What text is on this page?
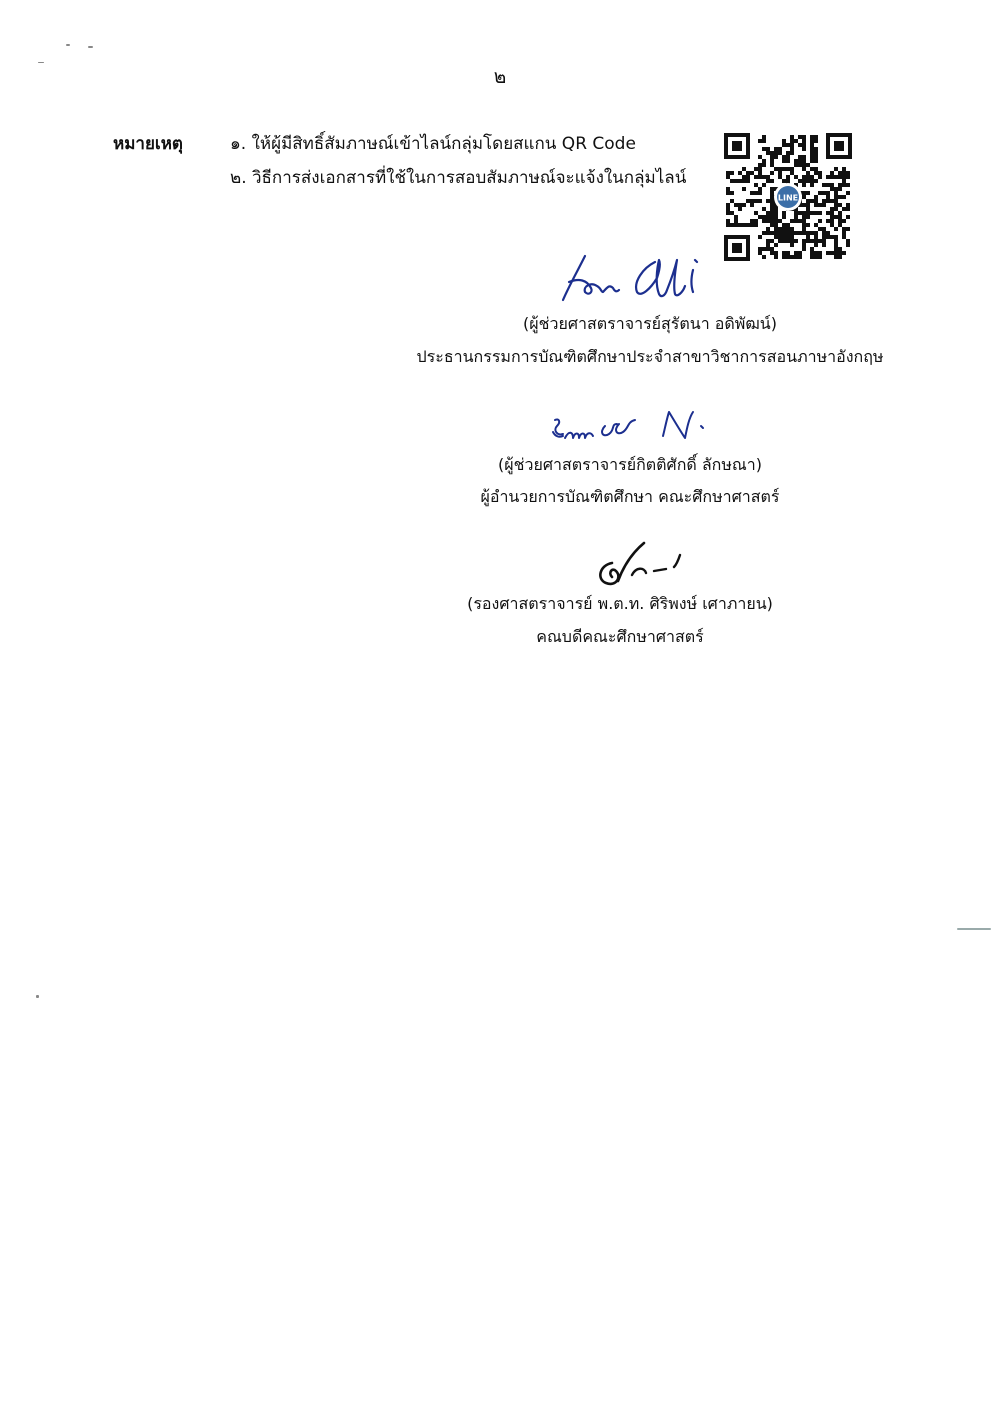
๒
หมายเหตุ	๑. ให้ผู้มีสิทธิ์สัมภาษณ์เข้าไลน์กลุ่มโดยสแกน QR Code
๒. วิธีการส่งเอกสารที่ใช้ในการสอบสัมภาษณ์จะแจ้งในกลุ่มไลน์
LINE
(ผู้ช่วยศาสตราจารย์สุรัตนา อดิพัฒน์)
ประธานกรรมการบัณฑิตศึกษาประจำสาขาวิชาการสอนภาษาอังกฤษ
(ผู้ช่วยศาสตราจารย์กิตติศักดิ์ ลักษณา)
ผู้อำนวยการบัณฑิตศึกษา คณะศึกษาศาสตร์
(รองศาสตราจารย์ พ.ต.ท. ศิริพงษ์ เศาภายน)
คณบดีคณะศึกษาศาสตร์
